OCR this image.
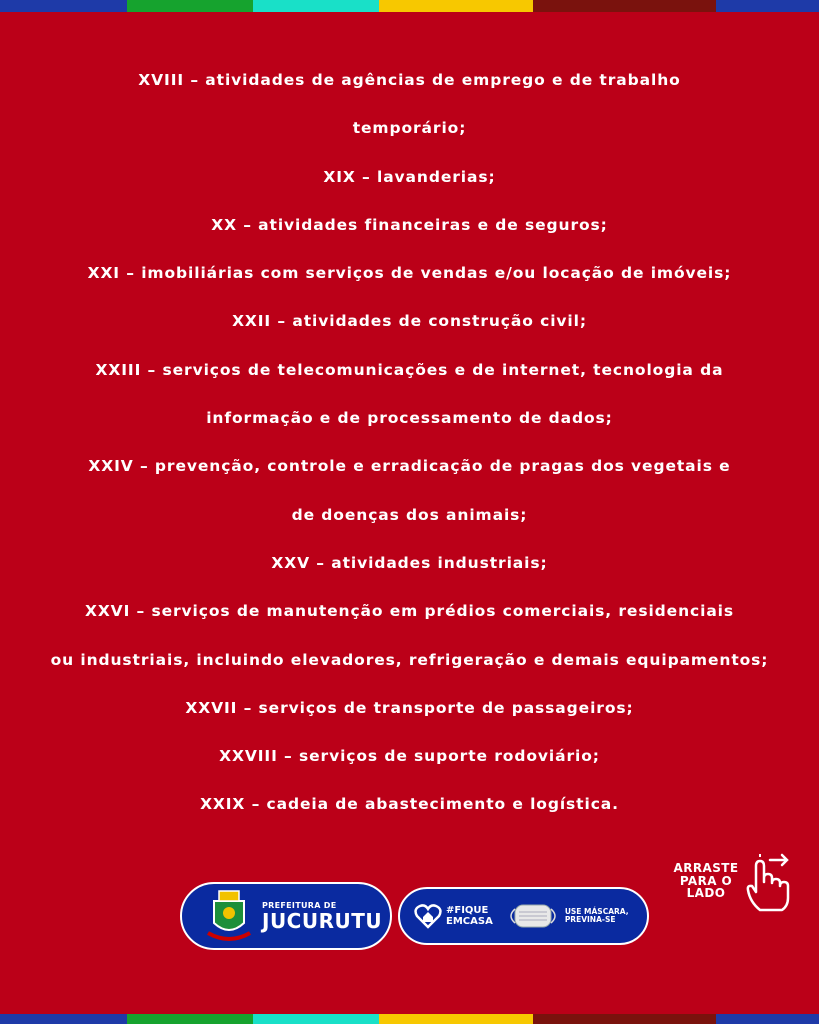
XVIII – atividades de agências de emprego e de trabalho
temporário;
XIX – lavanderias;
XX – atividades financeiras e de seguros;
XXI – imobiliárias com serviços de vendas e/ou locação de imóveis;
XXII – atividades de construção civil;
XXIII – serviços de telecomunicações e de internet, tecnologia da
informação e de processamento de dados;
XXIV – prevenção, controle e erradicação de pragas dos vegetais e
de doenças dos animais;
XXV – atividades industriais;
XXVI – serviços de manutenção em prédios comerciais, residenciais
ou industriais, incluindo elevadores, refrigeração e demais equipamentos;
XXVII – serviços de transporte de passageiros;
XXVIII – serviços de suporte rodoviário;
XXIX – cadeia de abastecimento e logística.
PREFEITURA DE
JUCURUTU	#FIQUE
EMCASA
USE MÁSCARA,
PREVINA-SE
ARRASTE
PARA O
LADO
